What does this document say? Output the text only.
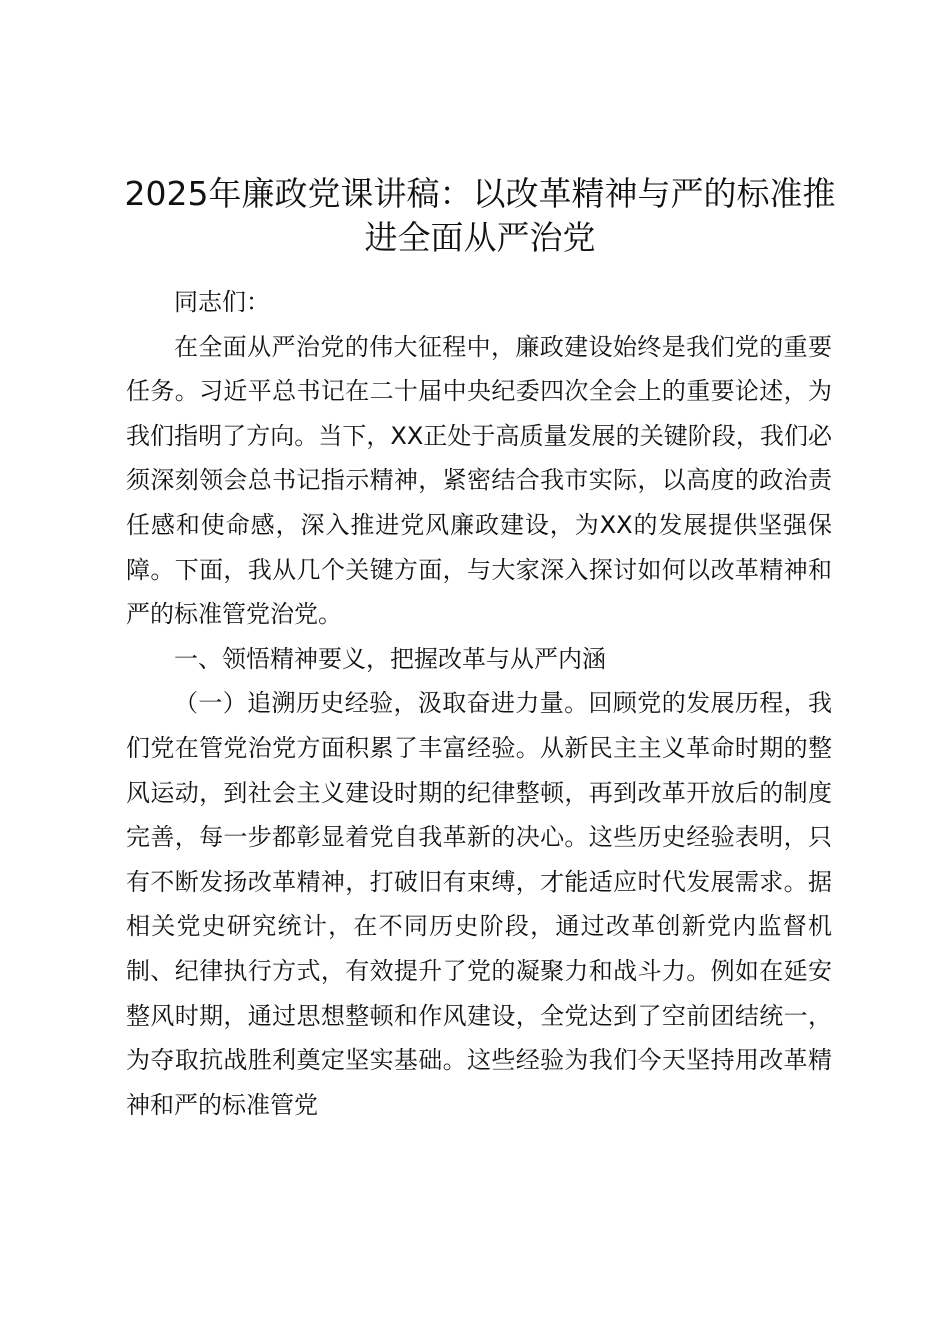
2025年廉政党课讲稿：以改革精神与严的标准推进全面从严治党

同志们：

在全面从严治党的伟大征程中，廉政建设始终是我们党的重要任务。习近平总书记在二十届中央纪委四次全会上的重要论述，为我们指明了方向。当下，XX正处于高质量发展的关键阶段，我们必须深刻领会总书记指示精神，紧密结合我市实际，以高度的政治责任感和使命感，深入推进党风廉政建设，为XX的发展提供坚强保障。下面，我从几个关键方面，与大家深入探讨如何以改革精神和严的标准管党治党。

一、领悟精神要义，把握改革与从严内涵

（一）追溯历史经验，汲取奋进力量。回顾党的发展历程，我们党在管党治党方面积累了丰富经验。从新民主主义革命时期的整风运动，到社会主义建设时期的纪律整顿，再到改革开放后的制度完善，每一步都彰显着党自我革新的决心。这些历史经验表明，只有不断发扬改革精神，打破旧有束缚，才能适应时代发展需求。据相关党史研究统计，在不同历史阶段，通过改革创新党内监督机制、纪律执行方式，有效提升了党的凝聚力和战斗力。例如在延安整风时期，通过思想整顿和作风建设，全党达到了空前团结统一，为夺取抗战胜利奠定坚实基础。这些经验为我们今天坚持用改革精神和严的标准管党
